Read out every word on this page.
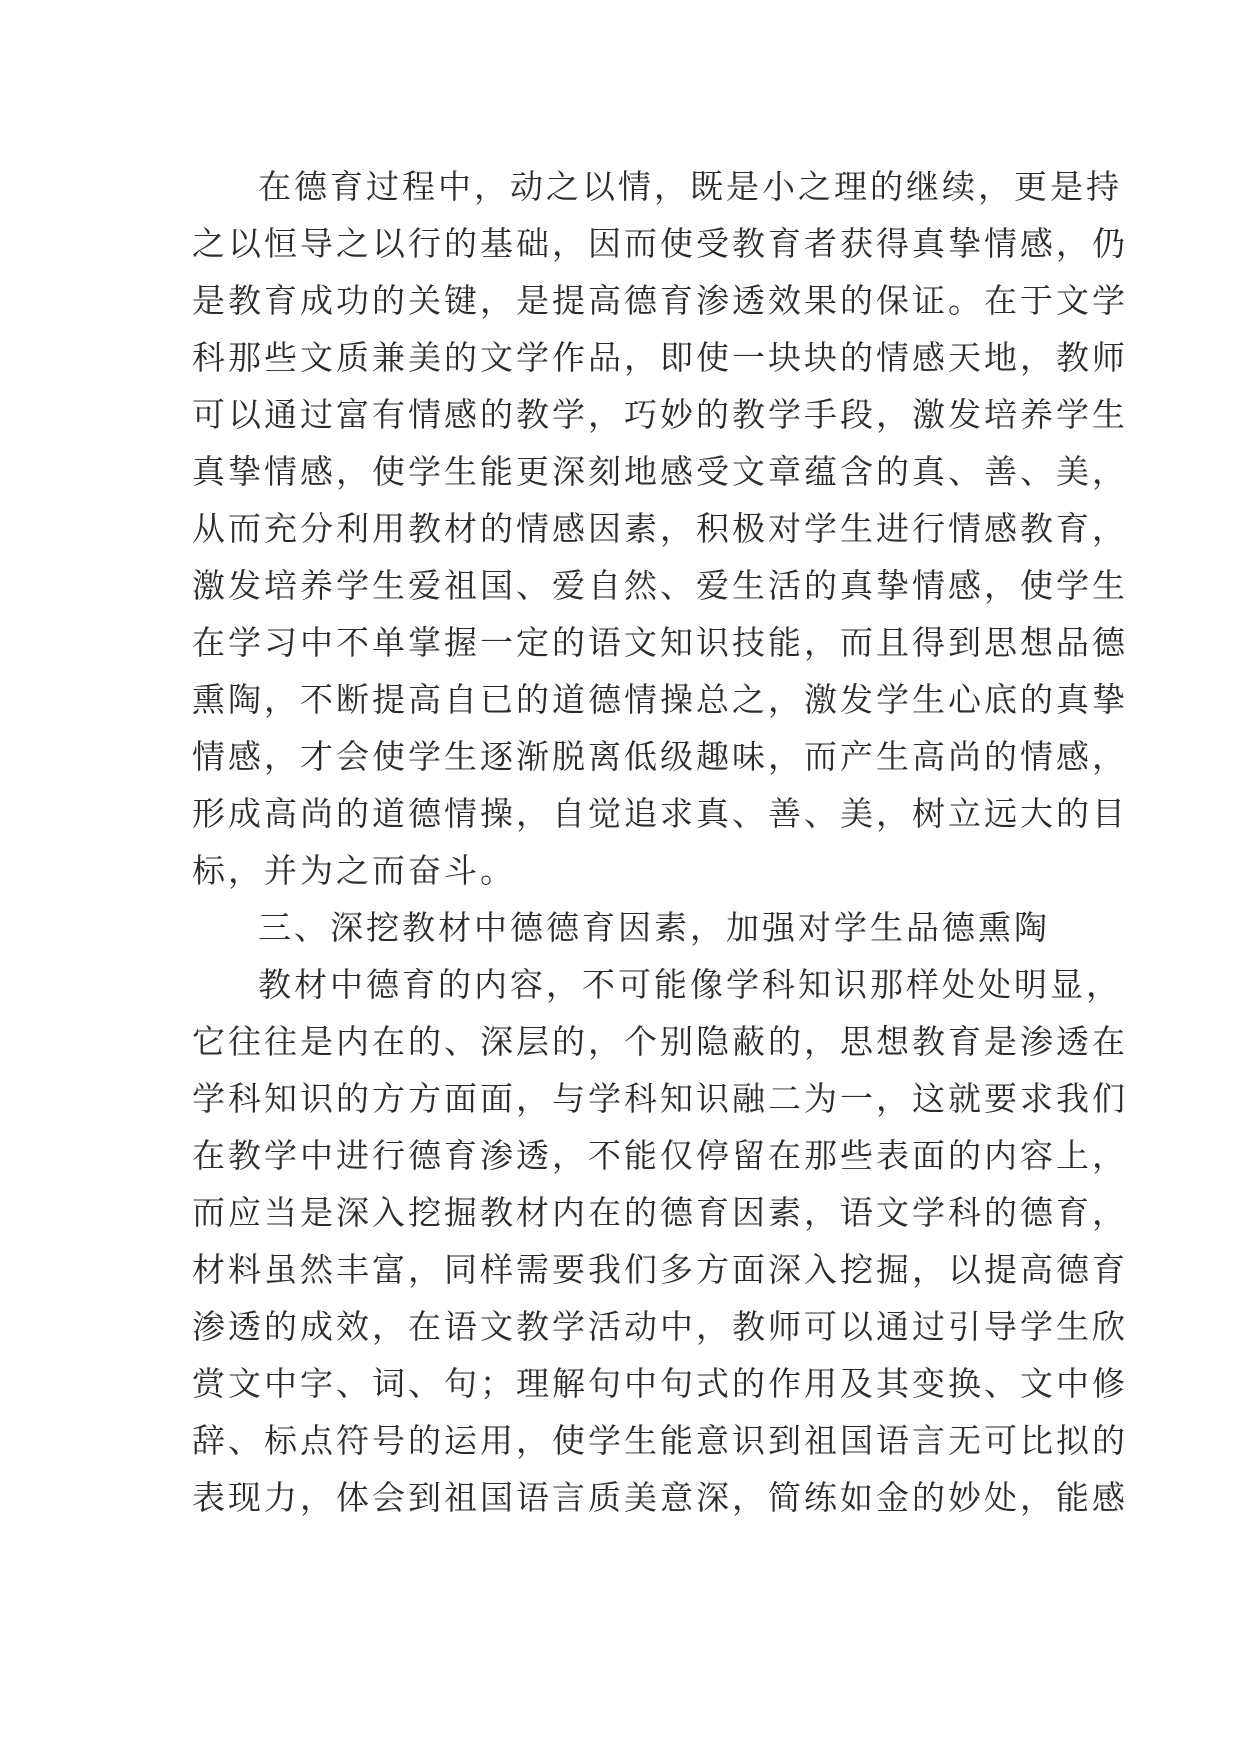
在德育过程中，动之以情，既是小之理的继续，更是持
之以恒导之以行的基础，因而使受教育者获得真挚情感，仍
是教育成功的关键，是提高德育渗透效果的保证。在于文学
科那些文质兼美的文学作品，即使一块块的情感天地，教师
可以通过富有情感的教学，巧妙的教学手段，激发培养学生
真挚情感，使学生能更深刻地感受文章蕴含的真、善、美，
从而充分利用教材的情感因素，积极对学生进行情感教育，
激发培养学生爱祖国、爱自然、爱生活的真挚情感，使学生
在学习中不单掌握一定的语文知识技能，而且得到思想品德
熏陶，不断提高自已的道德情操总之，激发学生心底的真挚
情感，才会使学生逐渐脱离低级趣味，而产生高尚的情感，
形成高尚的道德情操，自觉追求真、善、美，树立远大的目
标，并为之而奋斗。
三、深挖教材中德德育因素，加强对学生品德熏陶
教材中德育的内容，不可能像学科知识那样处处明显，
它往往是内在的、深层的，个别隐蔽的，思想教育是渗透在
学科知识的方方面面，与学科知识融二为一，这就要求我们
在教学中进行德育渗透，不能仅停留在那些表面的内容上，
而应当是深入挖掘教材内在的德育因素，语文学科的德育，
材料虽然丰富，同样需要我们多方面深入挖掘，以提高德育
渗透的成效，在语文教学活动中，教师可以通过引导学生欣
赏文中字、词、句；理解句中句式的作用及其变换、文中修
辞、标点符号的运用，使学生能意识到祖国语言无可比拟的
表现力，体会到祖国语言质美意深，简练如金的妙处，能感
